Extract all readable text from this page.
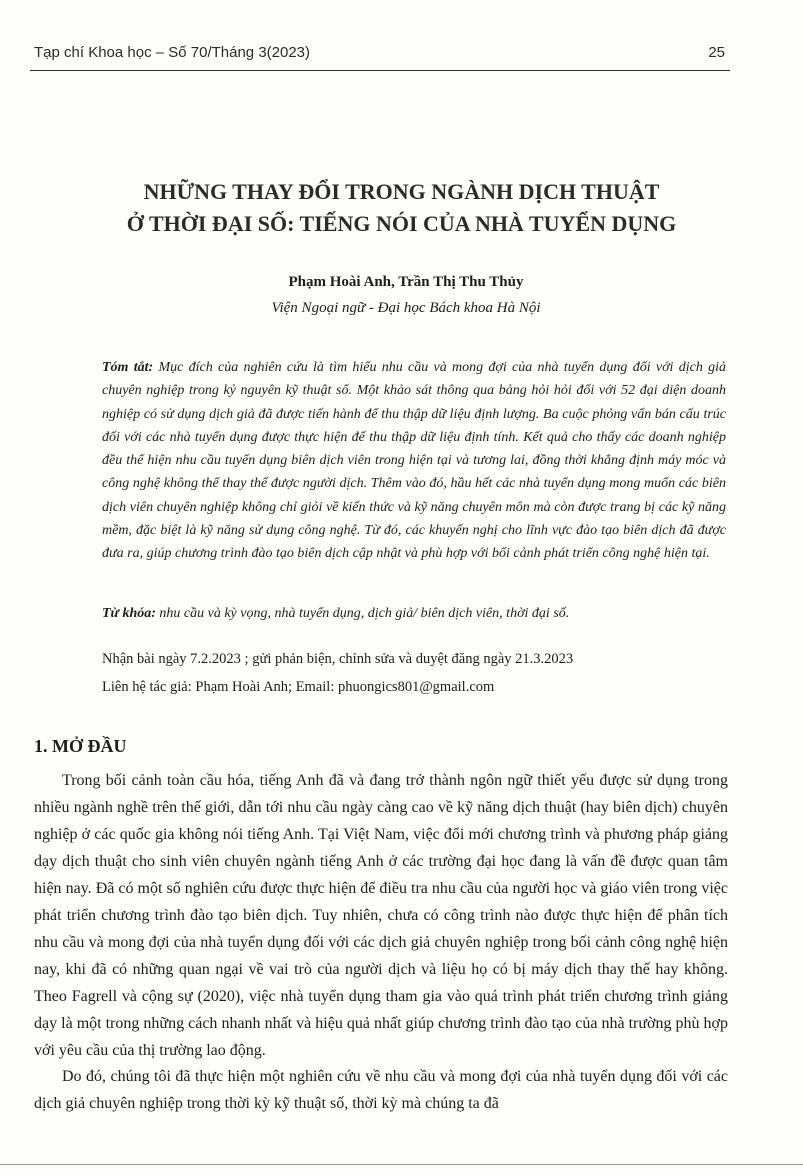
Tạp chí Khoa học – Số 70/Tháng 3(2023)	25
NHỮNG THAY ĐỔI TRONG NGÀNH DỊCH THUẬT
Ở THỜI ĐẠI SỐ: TIẾNG NÓI CỦA NHÀ TUYỂN DỤNG
Phạm Hoài Anh, Trần Thị Thu Thủy
Viện Ngoại ngữ - Đại học Bách khoa Hà Nội
Tóm tắt: Mục đích của nghiên cứu là tìm hiểu nhu cầu và mong đợi của nhà tuyển dụng đối với dịch giả chuyên nghiệp trong kỷ nguyên kỹ thuật số. Một khảo sát thông qua bảng hỏi hỏi đối với 52 đại diện doanh nghiệp có sử dụng dịch giả đã được tiến hành để thu thập dữ liệu định lượng. Ba cuộc phỏng vấn bán cấu trúc đối với các nhà tuyển dụng được thực hiện để thu thập dữ liệu định tính. Kết quả cho thấy các doanh nghiệp đều thể hiện nhu cầu tuyển dụng biên dịch viên trong hiện tại và tương lai, đồng thời khẳng định máy móc và công nghệ không thể thay thế được người dịch. Thêm vào đó, hầu hết các nhà tuyển dụng mong muốn các biên dịch viên chuyên nghiệp không chỉ giỏi về kiến thức và kỹ năng chuyên môn mà còn được trang bị các kỹ năng mềm, đặc biệt là kỹ năng sử dụng công nghệ. Từ đó, các khuyến nghị cho lĩnh vực đào tạo biên dịch đã được đưa ra, giúp chương trình đào tạo biên dịch cập nhật và phù hợp với bối cảnh phát triển công nghệ hiện tại.
Từ khóa: nhu cầu và kỳ vọng, nhà tuyển dụng, dịch giả/ biên dịch viên, thời đại số.
Nhận bài ngày 7.2.2023 ; gửi phản biện, chỉnh sửa và duyệt đăng ngày 21.3.2023
Liên hệ tác giả: Phạm Hoài Anh; Email: phuongics801@gmail.com
1. MỞ ĐẦU
Trong bối cảnh toàn cầu hóa, tiếng Anh đã và đang trở thành ngôn ngữ thiết yếu được sử dụng trong nhiều ngành nghề trên thế giới, dẫn tới nhu cầu ngày càng cao về kỹ năng dịch thuật (hay biên dịch) chuyên nghiệp ở các quốc gia không nói tiếng Anh. Tại Việt Nam, việc đổi mới chương trình và phương pháp giảng dạy dịch thuật cho sinh viên chuyên ngành tiếng Anh ở các trường đại học đang là vấn đề được quan tâm hiện nay. Đã có một số nghiên cứu được thực hiện để điều tra nhu cầu của người học và giáo viên trong việc phát triển chương trình đào tạo biên dịch. Tuy nhiên, chưa có công trình nào được thực hiện để phân tích nhu cầu và mong đợi của nhà tuyển dụng đối với các dịch giả chuyên nghiệp trong bối cảnh công nghệ hiện nay, khi đã có những quan ngại về vai trò của người dịch và liệu họ có bị máy dịch thay thế hay không. Theo Fagrell và cộng sự (2020), việc nhà tuyển dụng tham gia vào quá trình phát triển chương trình giảng dạy là một trong những cách nhanh nhất và hiệu quả nhất giúp chương trình đào tạo của nhà trường phù hợp với yêu cầu của thị trường lao động.
Do đó, chúng tôi đã thực hiện một nghiên cứu về nhu cầu và mong đợi của nhà tuyển dụng đối với các dịch giả chuyên nghiệp trong thời kỳ kỹ thuật số, thời kỳ mà chúng ta đã
